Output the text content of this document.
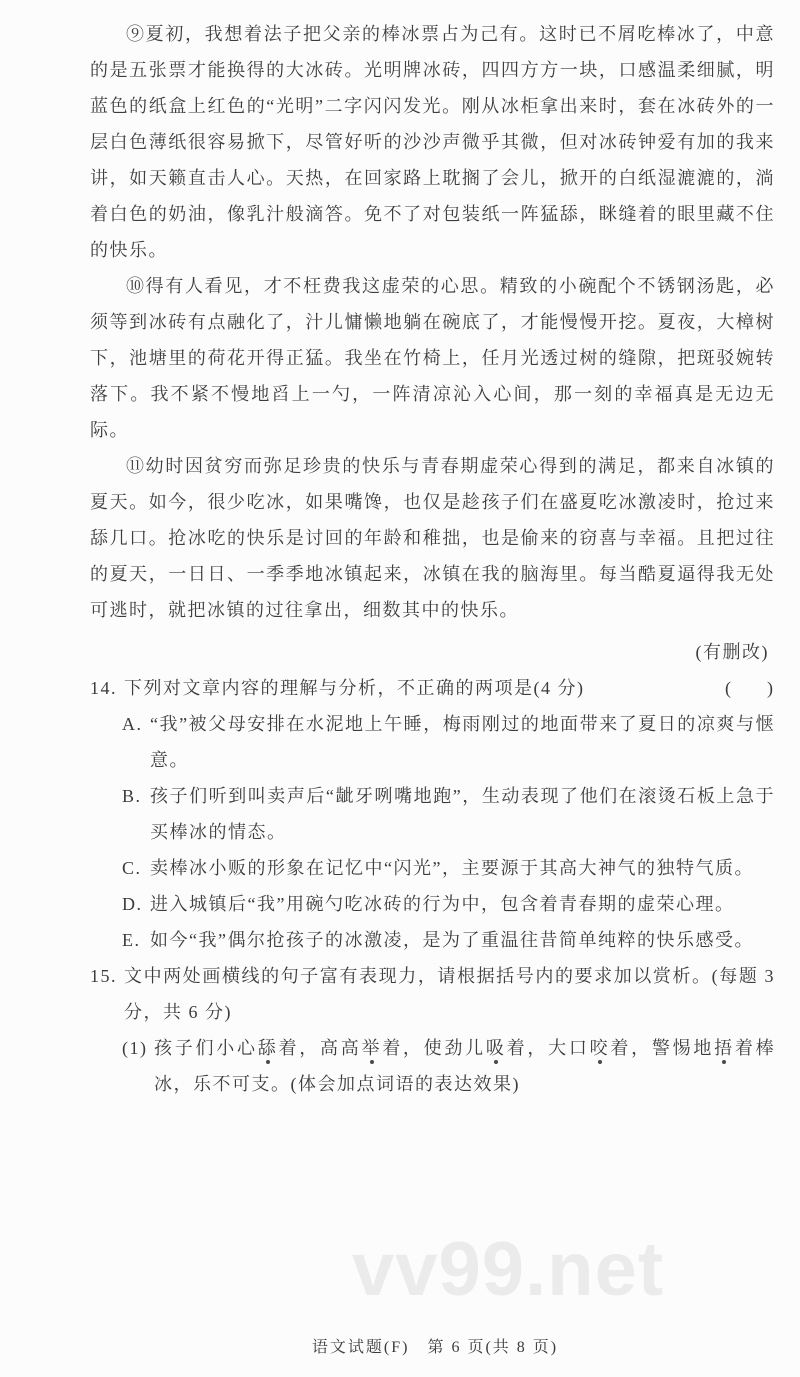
⑨夏初，我想着法子把父亲的棒冰票占为己有。这时已不屑吃棒冰了，中意的是五张票才能换得的大冰砖。光明牌冰砖，四四方方一块，口感温柔细腻，明蓝色的纸盒上红色的“光明”二字闪闪发光。刚从冰柜拿出来时，套在冰砖外的一层白色薄纸很容易掀下，尽管好听的沙沙声微乎其微，但对冰砖钟爱有加的我来讲，如天籁直击人心。天热，在回家路上耽搁了会儿，掀开的白纸湿漉漉的，淌着白色的奶油，像乳汁般滴答。免不了对包装纸一阵猛舔，眯缝着的眼里藏不住的快乐。

⑩得有人看见，才不枉费我这虚荣的心思。精致的小碗配个不锈钢汤匙，必须等到冰砖有点融化了，汁儿慵懒地躺在碗底了，才能慢慢开挖。夏夜，大樟树下，池塘里的荷花开得正猛。我坐在竹椅上，任月光透过树的缝隙，把斑驳婉转落下。我不紧不慢地舀上一勺，一阵清凉沁入心间，那一刻的幸福真是无边无际。

⑪幼时因贫穷而弥足珍贵的快乐与青春期虚荣心得到的满足，都来自冰镇的夏天。如今，很少吃冰，如果嘴馋，也仅是趁孩子们在盛夏吃冰激凌时，抢过来舔几口。抢冰吃的快乐是讨回的年龄和稚拙，也是偷来的窃喜与幸福。且把过往的夏天，一日日、一季季地冰镇起来，冰镇在我的脑海里。每当酷夏逼得我无处可逃时，就把冰镇的过往拿出，细数其中的快乐。

(有删改)
14. 下列对文章内容的理解与分析，不正确的两项是(4 分)	(　　)
A. “我”被父母安排在水泥地上午睡，梅雨刚过的地面带来了夏日的凉爽与惬意。
B. 孩子们听到叫卖声后“龇牙咧嘴地跑”，生动表现了他们在滚烫石板上急于买棒冰的情态。
C. 卖棒冰小贩的形象在记忆中“闪光”，主要源于其高大神气的独特气质。
D. 进入城镇后“我”用碗勺吃冰砖的行为中，包含着青春期的虚荣心理。
E. 如今“我”偶尔抢孩子的冰激凌，是为了重温往昔简单纯粹的快乐感受。
15. 文中两处画横线的句子富有表现力，请根据括号内的要求加以赏析。(每题 3 分，共 6 分)
(1) 孩子们小心舔着，高高举着，使劲儿吸着，大口咬着，警惕地捂着棒冰，乐不可支。(体会加点词语的表达效果)
vv99.net
语文试题(F)　第 6 页(共 8 页)
